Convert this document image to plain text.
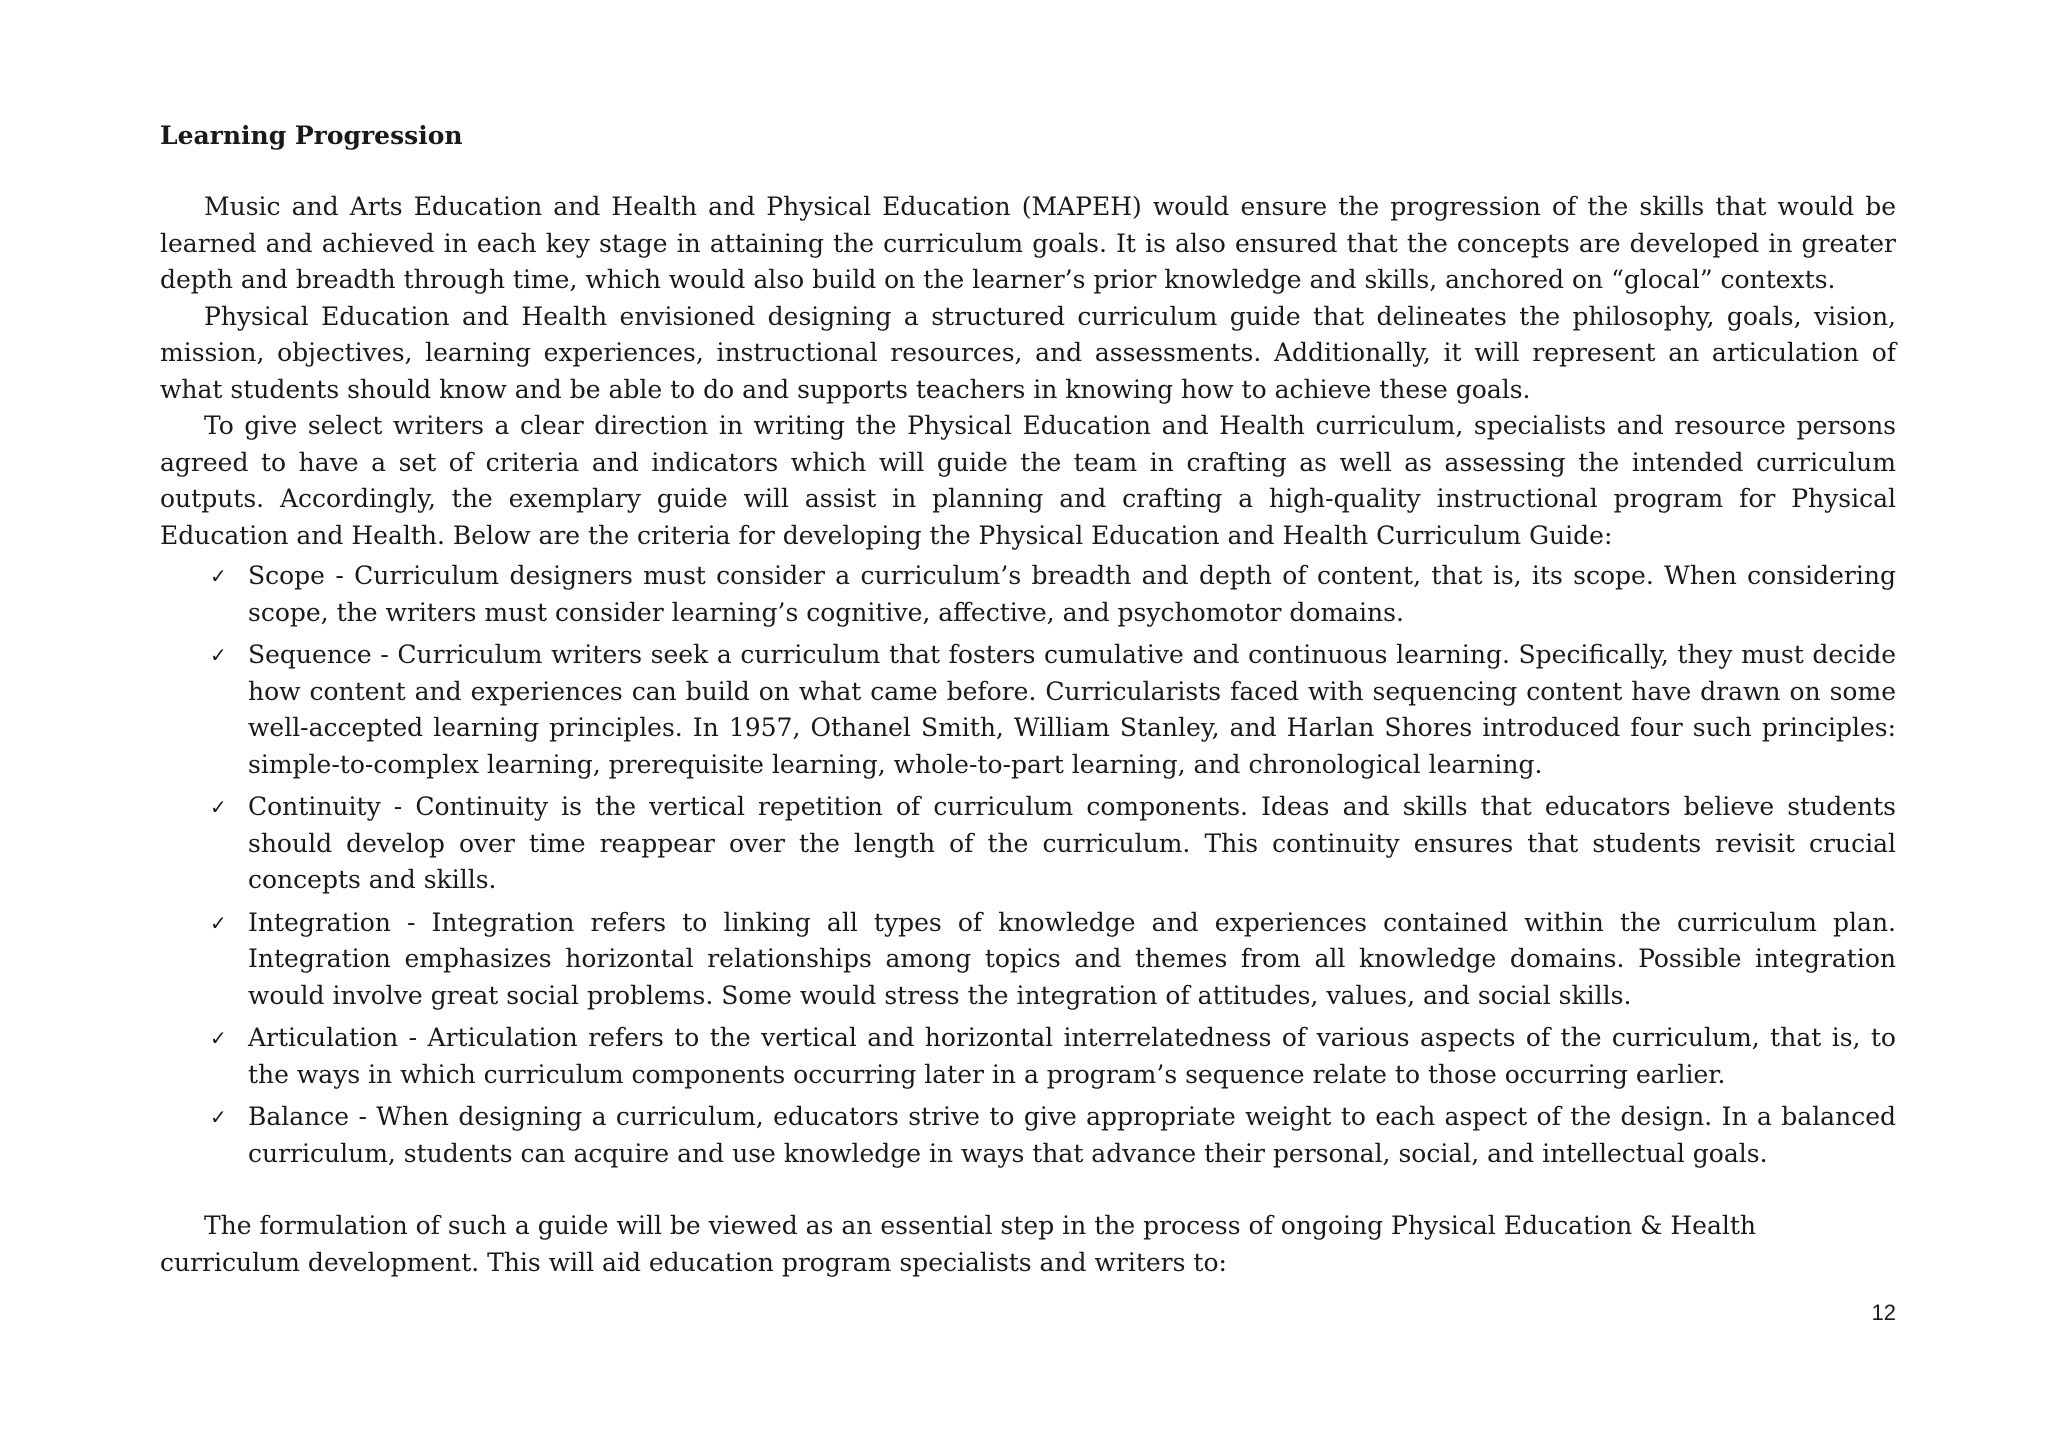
Learning Progression

Music and Arts Education and Health and Physical Education (MAPEH) would ensure the progression of the skills that would be learned and achieved in each key stage in attaining the curriculum goals. It is also ensured that the concepts are developed in greater depth and breadth through time, which would also build on the learner’s prior knowledge and skills, anchored on “glocal” contexts.

Physical Education and Health envisioned designing a structured curriculum guide that delineates the philosophy, goals, vision, mission, objectives, learning experiences, instructional resources, and assessments. Additionally, it will represent an articulation of what students should know and be able to do and supports teachers in knowing how to achieve these goals.

To give select writers a clear direction in writing the Physical Education and Health curriculum, specialists and resource persons agreed to have a set of criteria and indicators which will guide the team in crafting as well as assessing the intended curriculum outputs. Accordingly, the exemplary guide will assist in planning and crafting a high-quality instructional program for Physical Education and Health. Below are the criteria for developing the Physical Education and Health Curriculum Guide:

✓ Scope - Curriculum designers must consider a curriculum’s breadth and depth of content, that is, its scope. When considering scope, the writers must consider learning’s cognitive, affective, and psychomotor domains.
✓ Sequence - Curriculum writers seek a curriculum that fosters cumulative and continuous learning. Specifically, they must decide how content and experiences can build on what came before. Curricularists faced with sequencing content have drawn on some well-accepted learning principles. In 1957, Othanel Smith, William Stanley, and Harlan Shores introduced four such principles: simple-to-complex learning, prerequisite learning, whole-to-part learning, and chronological learning.
✓ Continuity - Continuity is the vertical repetition of curriculum components. Ideas and skills that educators believe students should develop over time reappear over the length of the curriculum. This continuity ensures that students revisit crucial concepts and skills.
✓ Integration - Integration refers to linking all types of knowledge and experiences contained within the curriculum plan. Integration emphasizes horizontal relationships among topics and themes from all knowledge domains. Possible integration would involve great social problems. Some would stress the integration of attitudes, values, and social skills.
✓ Articulation - Articulation refers to the vertical and horizontal interrelatedness of various aspects of the curriculum, that is, to the ways in which curriculum components occurring later in a program’s sequence relate to those occurring earlier.
✓ Balance - When designing a curriculum, educators strive to give appropriate weight to each aspect of the design. In a balanced curriculum, students can acquire and use knowledge in ways that advance their personal, social, and intellectual goals.

The formulation of such a guide will be viewed as an essential step in the process of ongoing Physical Education & Health curriculum development. This will aid education program specialists and writers to:

12
